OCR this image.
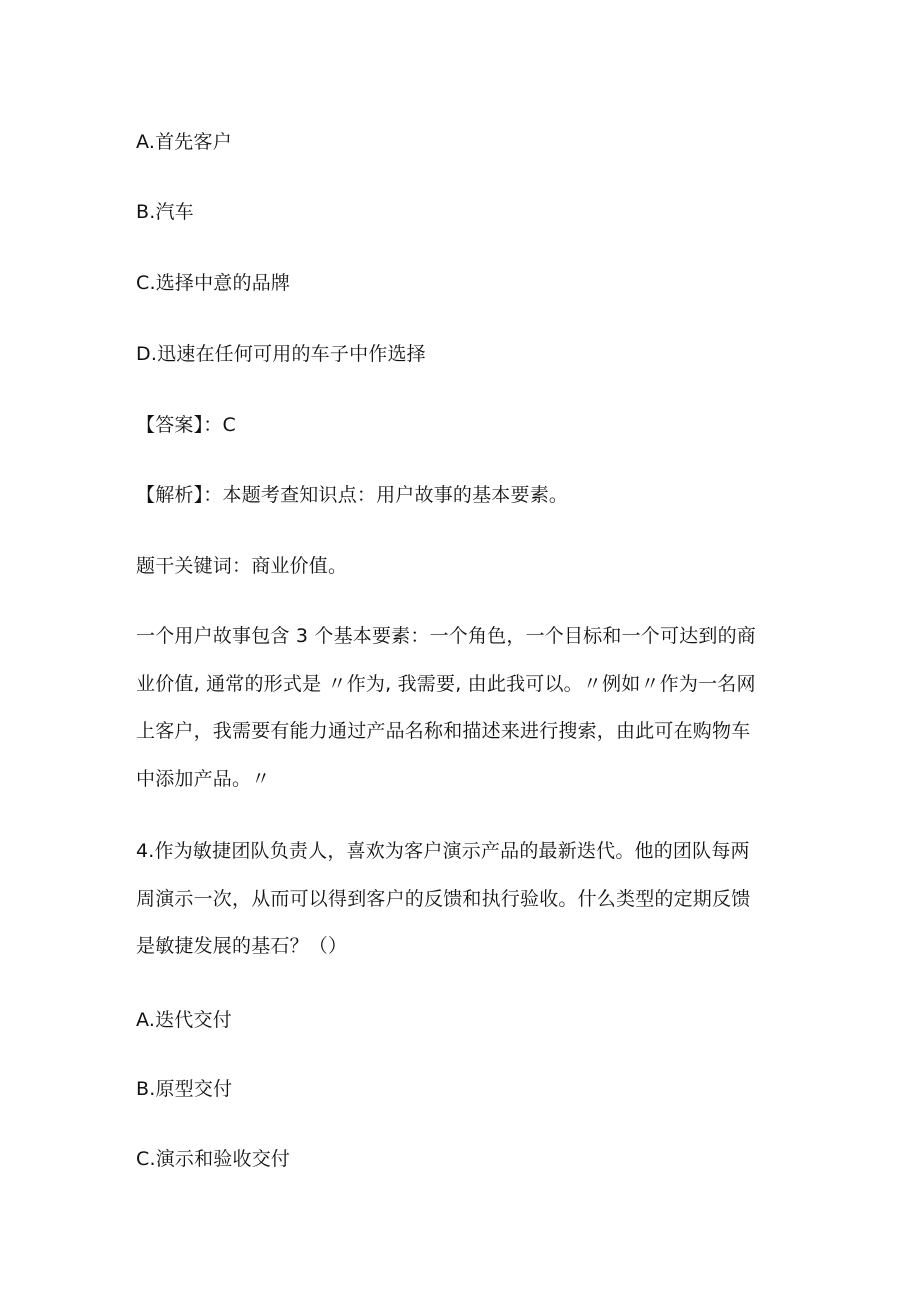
A.首先客户
B.汽车
C.选择中意的品牌
D.迅速在任何可用的车子中作选择
【答案】：C
【解析】：本题考查知识点：用户故事的基本要素。
题干关键词：商业价值。
一个用户故事包含 3 个基本要素：一个角色，一个目标和一个可达到的商
业价值, 通常的形式是 〃作为, 我需要, 由此我可以。〃例如〃作为一名网
上客户，我需要有能力通过产品名称和描述来进行搜索，由此可在购物车
中添加产品。〃
4.作为敏捷团队负责人，喜欢为客户演示产品的最新迭代。他的团队每两
周演示一次，从而可以得到客户的反馈和执行验收。什么类型的定期反馈
是敏捷发展的基石？（）
A.迭代交付
B.原型交付
C.演示和验收交付
